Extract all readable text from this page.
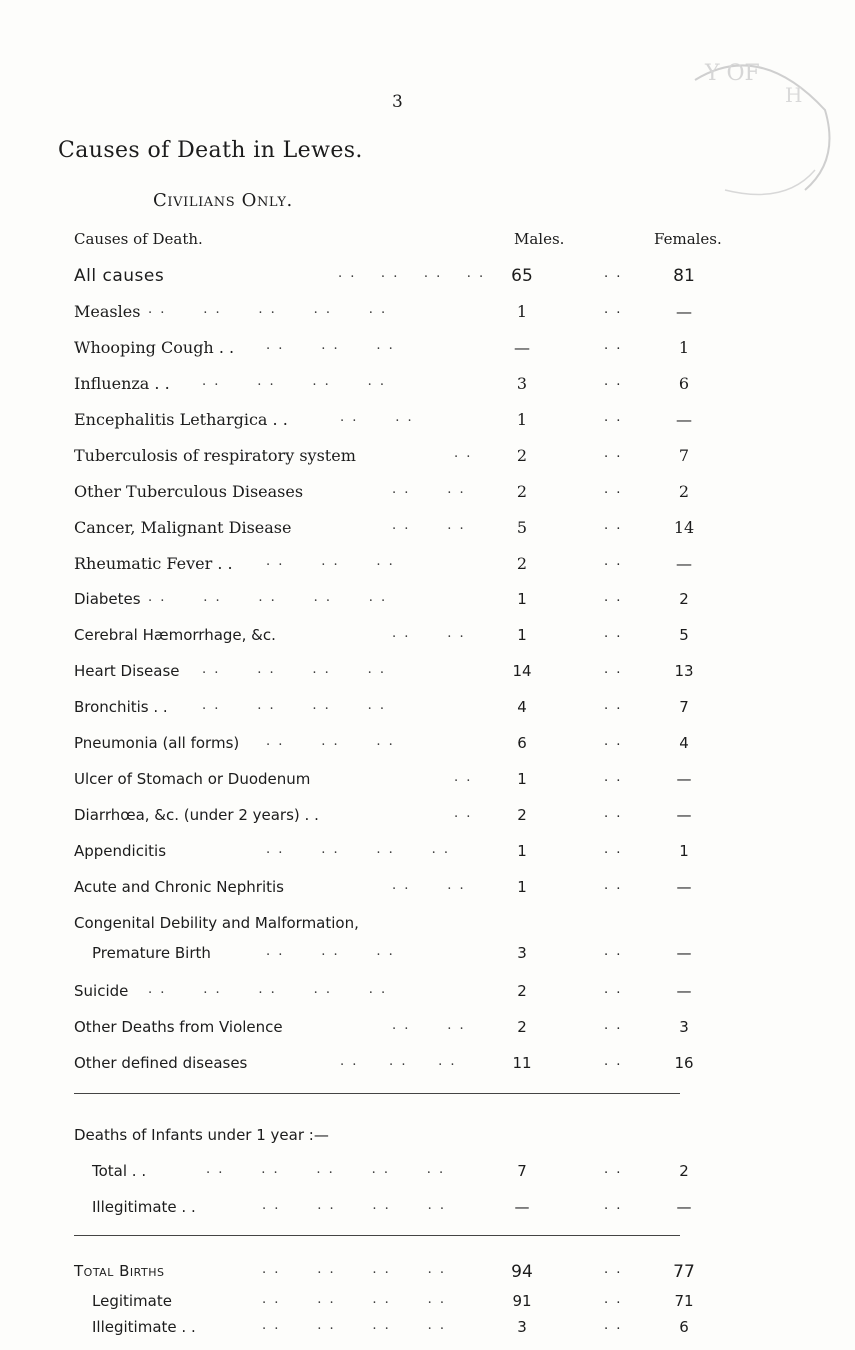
Y OF
H
3
Causes of Death in Lewes.
Civilians Only.
Causes of Death.	Males.	Females.
All causes	. .    . .    . .    . .	65	. .	81
Measles . .      . .      . .      . .      . .	1	. .	—
Whooping Cough . . . .      . .      . .	—	. .	1
Influenza . . . .      . .      . .      . .	3	. .	6
Encephalitis Lethargica . .	. .      . .	1	. .	—
Tuberculosis of respiratory system	. .	2	. .	7
Other Tuberculous Diseases	. .      . .	2	. .	2
Cancer, Malignant Disease	. .      . .	5	. .	14
Rheumatic Fever . .	. .      . .      . .	2	. .	—
Diabetes . .      . .      . .      . .      . .	1	. .	2
Cerebral Hæmorrhage, &c.	. .      . .	1	. .	5
Heart Disease . .      . .      . .      . .	14	. .	13
Bronchitis . .	. .      . .      . .      . .	4	. .	7
Pneumonia (all forms) . .      . .      . .	6	. .	4
Ulcer of Stomach or Duodenum	. .	1	. .	—
Diarrhœa, &c. (under 2 years) . .	. .	2	. .	—
Appendicitis	. .      . .      . .      . .	1	. .	1
Acute and Chronic Nephritis	. .      . .	1	. .	—
Congenital Debility and Malformation,
Premature Birth	. .      . .      . .	3	. .	—
Suicide . .      . .      . .      . .      . .	2	. .	—
Other Deaths from Violence	. .      . .	2	. .	3
Other defined diseases	. .     . .     . .	11	. .	16
Deaths of Infants under 1 year :—
Total . .	. .      . .      . .      . .      . .	7	. .	2
Illegitimate . .	. .      . .      . .      . .	—	. .	—
Total Births	. .      . .      . .      . .	94	. .	77
Legitimate	. .      . .      . .      . .	91	. .	71
Illegitimate . .	. .      . .      . .      . .	3	. .	6
